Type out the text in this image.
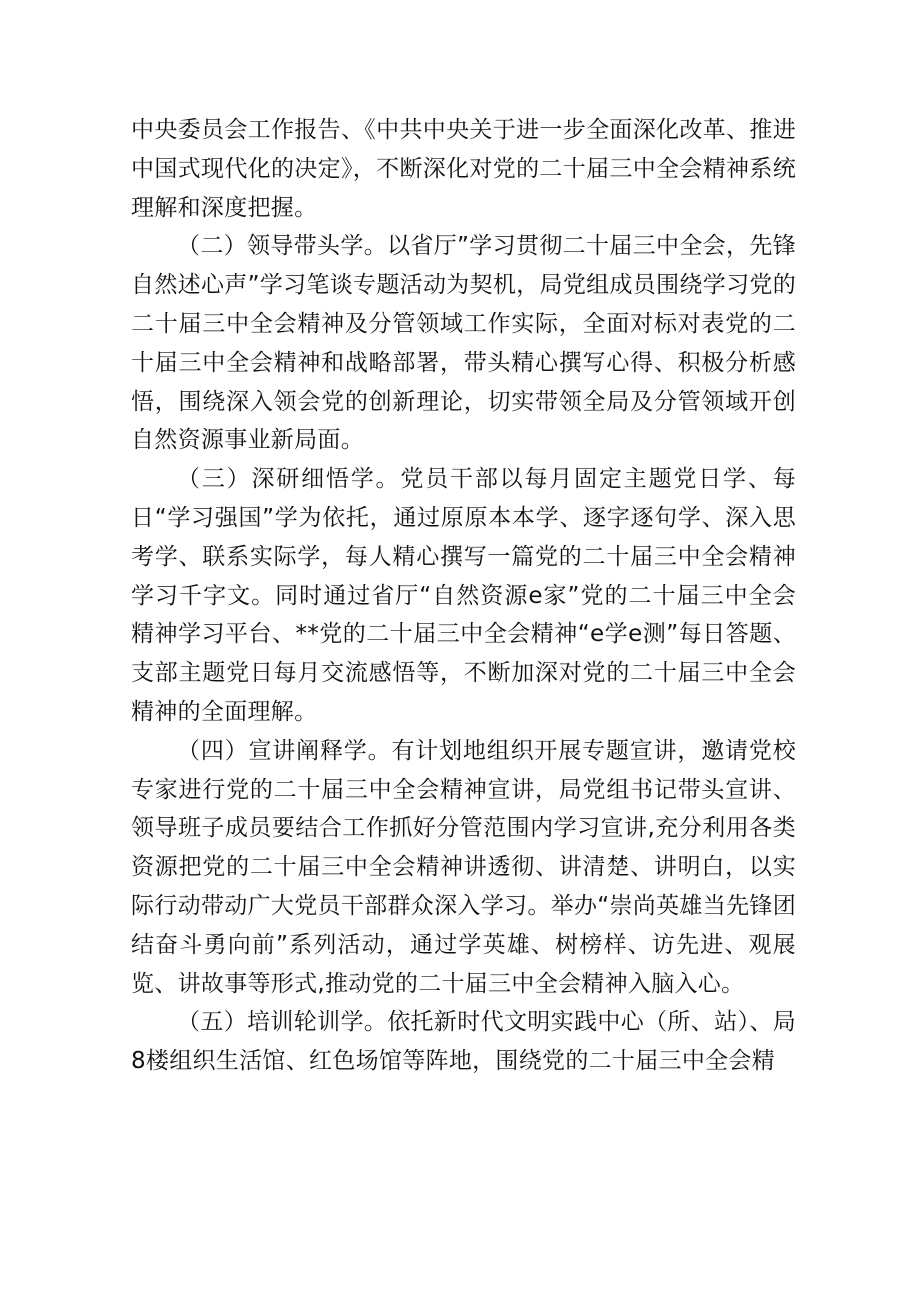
中央委员会工作报告、《中共中央关于进一步全面深化改革、推进中国式现代化的决定》，不断深化对党的二十届三中全会精神系统理解和深度把握。

（二）领导带头学。以省厅”学习贯彻二十届三中全会，先锋自然述心声”学习笔谈专题活动为契机，局党组成员围绕学习党的二十届三中全会精神及分管领域工作实际，全面对标对表党的二十届三中全会精神和战略部署，带头精心撰写心得、积极分析感悟，围绕深入领会党的创新理论，切实带领全局及分管领域开创自然资源事业新局面。

（三）深研细悟学。党员干部以每月固定主题党日学、每日“学习强国”学为依托，通过原原本本学、逐字逐句学、深入思考学、联系实际学，每人精心撰写一篇党的二十届三中全会精神学习千字文。同时通过省厅“自然资源e家”党的二十届三中全会精神学习平台、**党的二十届三中全会精神“e学e测”每日答题、支部主题党日每月交流感悟等，不断加深对党的二十届三中全会精神的全面理解。

（四）宣讲阐释学。有计划地组织开展专题宣讲，邀请党校专家进行党的二十届三中全会精神宣讲，局党组书记带头宣讲、领导班子成员要结合工作抓好分管范围内学习宣讲,充分利用各类资源把党的二十届三中全会精神讲透彻、讲清楚、讲明白，以实际行动带动广大党员干部群众深入学习。举办“崇尚英雄当先锋团结奋斗勇向前”系列活动，通过学英雄、树榜样、访先进、观展览、讲故事等形式,推动党的二十届三中全会精神入脑入心。

（五）培训轮训学。依托新时代文明实践中心（所、站）、局8楼组织生活馆、红色场馆等阵地，围绕党的二十届三中全会精
